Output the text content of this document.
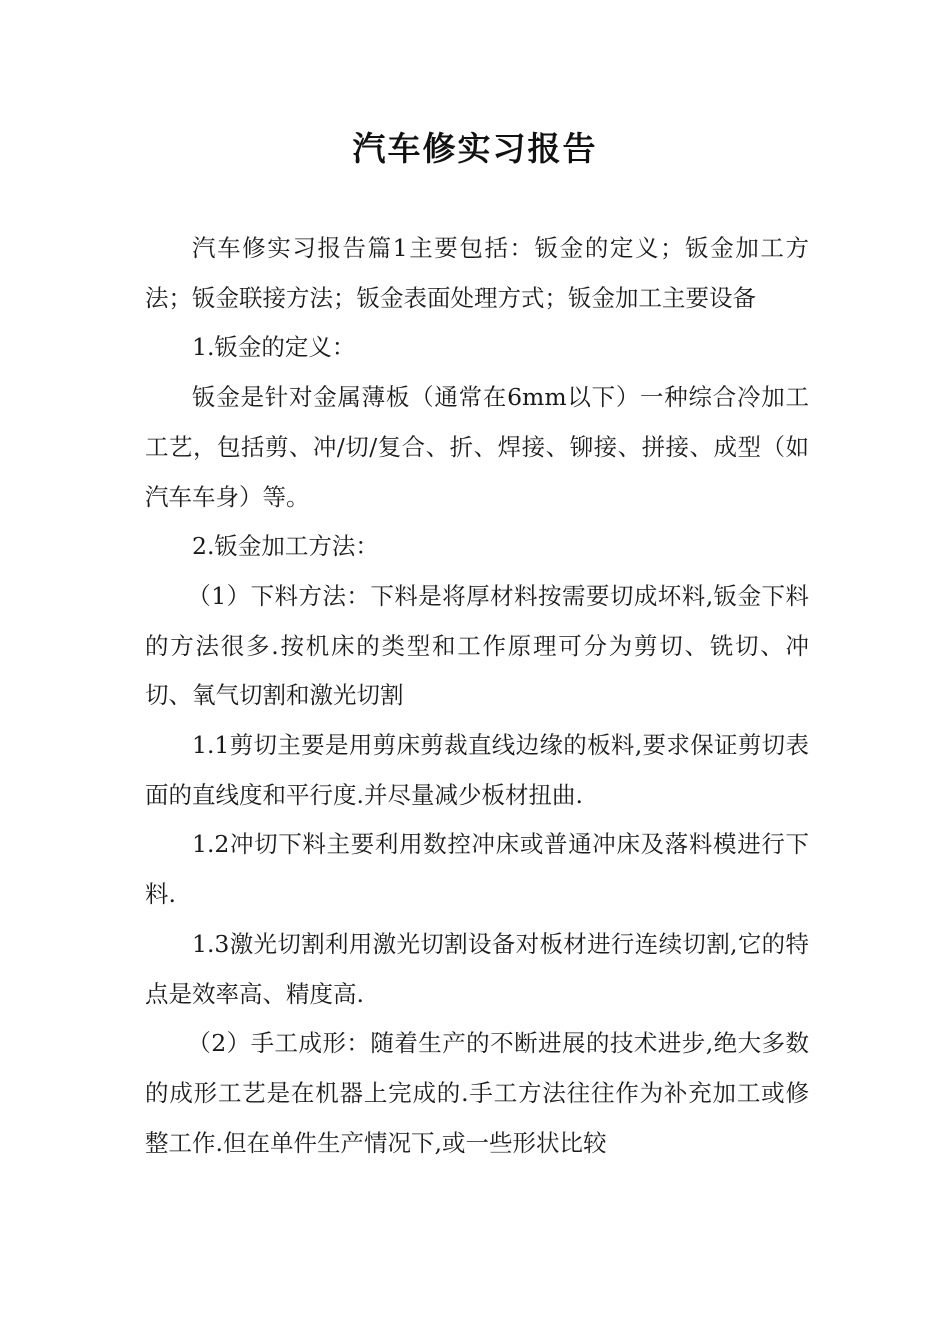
汽车修实习报告

汽车修实习报告篇1主要包括：钣金的定义；钣金加工方法；钣金联接方法；钣金表面处理方式；钣金加工主要设备

1.钣金的定义：

钣金是针对金属薄板（通常在6mm以下）一种综合冷加工工艺，包括剪、冲/切/复合、折、焊接、铆接、拼接、成型（如汽车车身）等。

2.钣金加工方法：

（1）下料方法：下料是将厚材料按需要切成坏料,钣金下料的方法很多.按机床的类型和工作原理可分为剪切、铣切、冲切、氧气切割和激光切割

1.1剪切主要是用剪床剪裁直线边缘的板料,要求保证剪切表面的直线度和平行度.并尽量减少板材扭曲.

1.2冲切下料主要利用数控冲床或普通冲床及落料模进行下料.

1.3激光切割利用激光切割设备对板材进行连续切割,它的特点是效率高、精度高.

（2）手工成形：随着生产的不断进展的技术进步,绝大多数的成形工艺是在机器上完成的.手工方法往往作为补充加工或修整工作.但在单件生产情况下,或一些形状比较
